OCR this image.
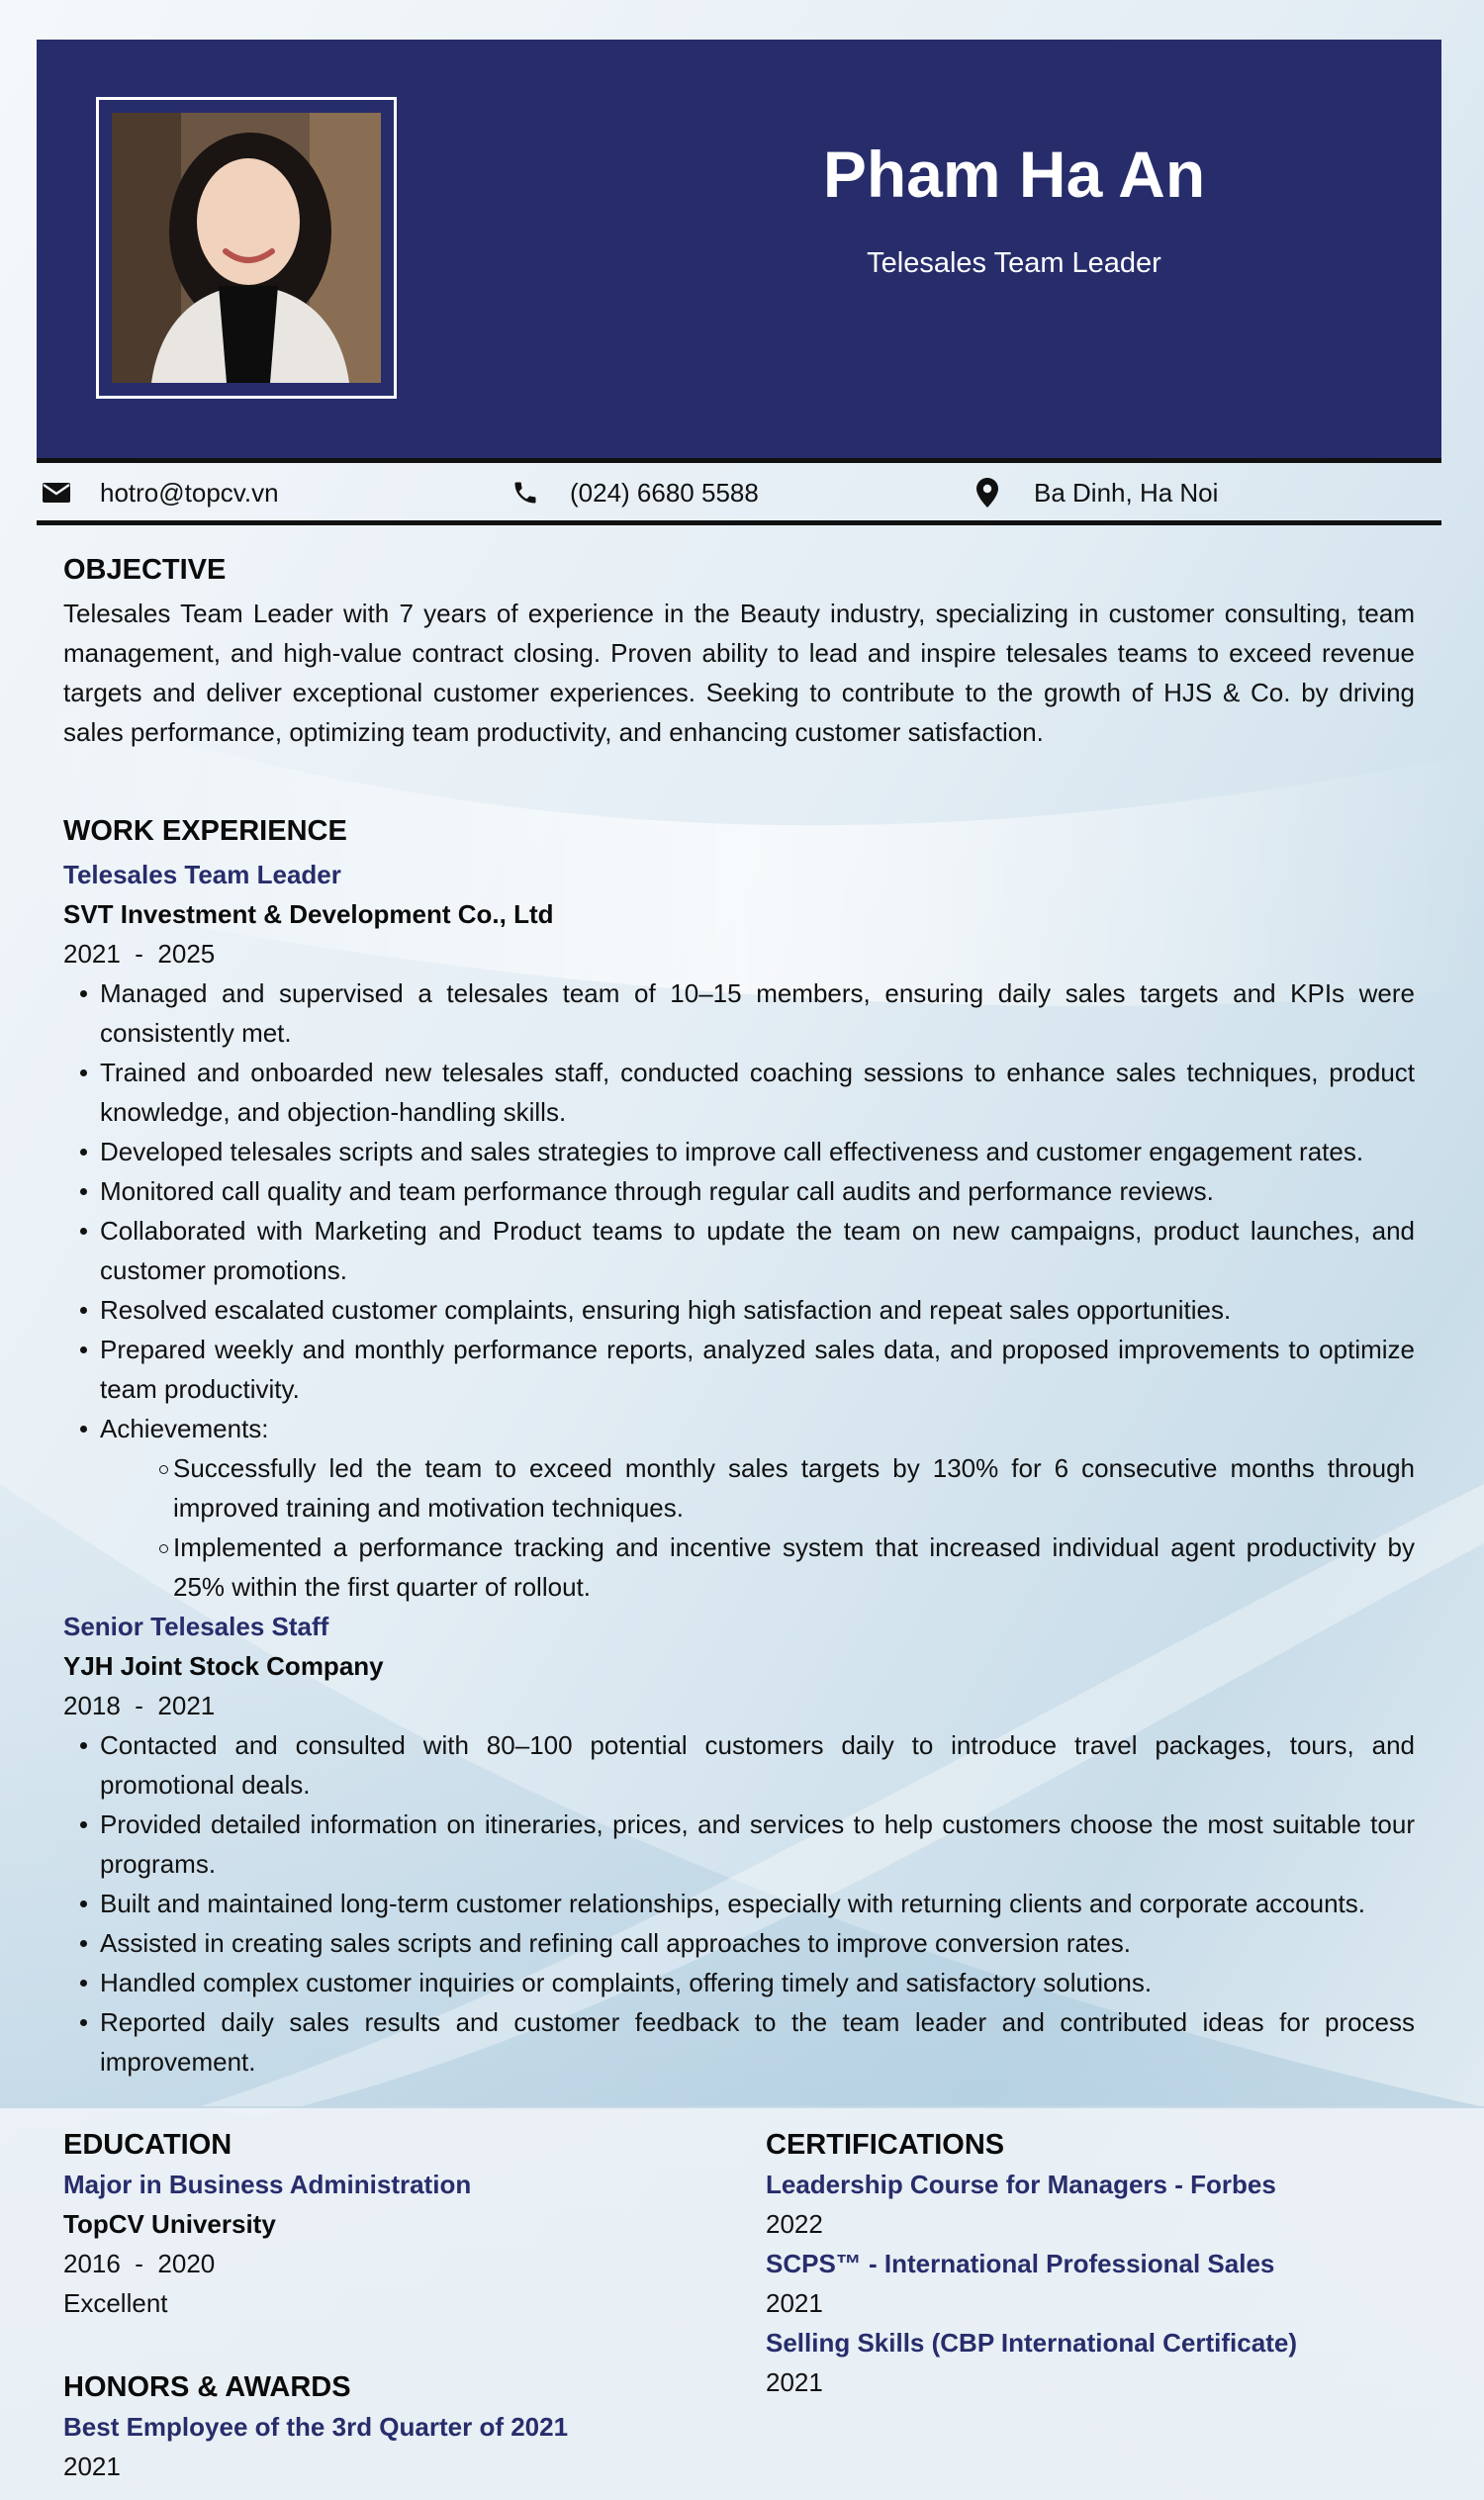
Pham Ha An
Telesales Team Leader
hotro@topcv.vn	(024) 6680 5588	Ba Dinh, Ha Noi
OBJECTIVE
Telesales Team Leader with 7 years of experience in the Beauty industry, specializing in customer consulting, team management, and high-value contract closing. Proven ability to lead and inspire telesales teams to exceed revenue targets and deliver exceptional customer experiences. Seeking to contribute to the growth of HJS & Co. by driving sales performance, optimizing team productivity, and enhancing customer satisfaction.
WORK EXPERIENCE
Telesales Team Leader
SVT Investment & Development Co., Ltd
2021  -  2025
Managed and supervised a telesales team of 10–15 members, ensuring daily sales targets and KPIs were consistently met.
Trained and onboarded new telesales staff, conducted coaching sessions to enhance sales techniques, product knowledge, and objection-handling skills.
Developed telesales scripts and sales strategies to improve call effectiveness and customer engagement rates.
Monitored call quality and team performance through regular call audits and performance reviews.
Collaborated with Marketing and Product teams to update the team on new campaigns, product launches, and customer promotions.
Resolved escalated customer complaints, ensuring high satisfaction and repeat sales opportunities.
Prepared weekly and monthly performance reports, analyzed sales data, and proposed improvements to optimize team productivity.
Achievements:
Successfully led the team to exceed monthly sales targets by 130% for 6 consecutive months through improved training and motivation techniques.
Implemented a performance tracking and incentive system that increased individual agent productivity by 25% within the first quarter of rollout.
Senior Telesales Staff
YJH Joint Stock Company
2018  -  2021
Contacted and consulted with 80–100 potential customers daily to introduce travel packages, tours, and promotional deals.
Provided detailed information on itineraries, prices, and services to help customers choose the most suitable tour programs.
Built and maintained long-term customer relationships, especially with returning clients and corporate accounts.
Assisted in creating sales scripts and refining call approaches to improve conversion rates.
Handled complex customer inquiries or complaints, offering timely and satisfactory solutions.
Reported daily sales results and customer feedback to the team leader and contributed ideas for process improvement.
EDUCATION
Major in Business Administration
TopCV University
2016  -  2020
Excellent
HONORS & AWARDS
Best Employee of the 3rd Quarter of 2021
2021
CERTIFICATIONS
Leadership Course for Managers - Forbes
2022
SCPS™ - International Professional Sales
2021
Selling Skills (CBP International Certificate)
2021
